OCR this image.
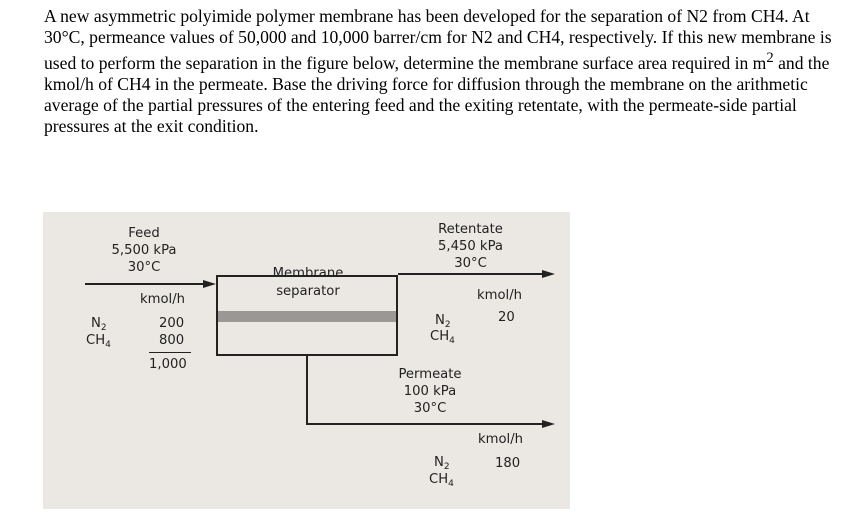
A new asymmetric polyimide polymer membrane has been developed for the separation of N2 from CH4. At 30°C, permeance values of 50,000 and 10,000 barrer/cm for N2 and CH4, respectively. If this new membrane is used to perform the separation in the figure below, determine the membrane surface area required in $m^2$ and the kmol/h of CH4 in the permeate. Base the driving force for diffusion through the membrane on the arithmetic average of the partial pressures of the entering feed and the exiting retentate, with the permeate-side partial pressures at the exit condition.

Feed
5,500 kPa
30°C
kmol/h
$N_2$
$CH_4$
200
800
1,000
Membrane
separator
Retentate
5,450 kPa
30°C
kmol/h
$N_2$
$CH_4$
20
Permeate
100 kPa
30°C
kmol/h
$N_2$
$CH_4$
180
